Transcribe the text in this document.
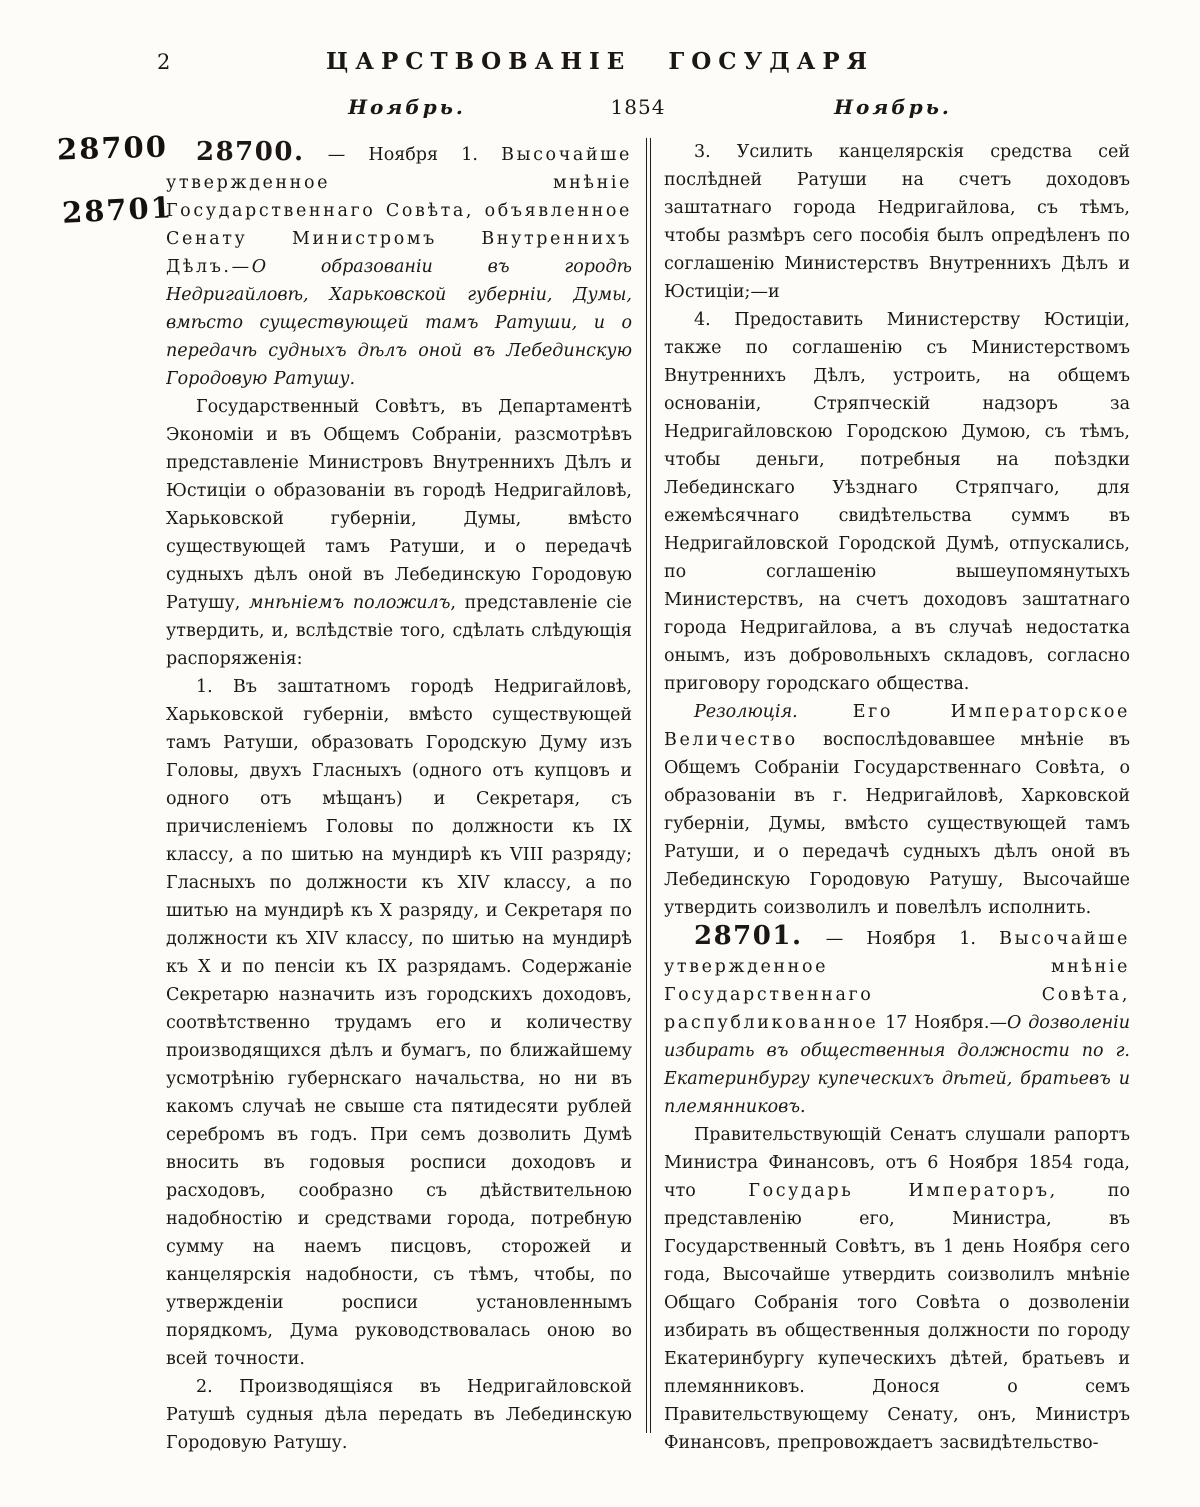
2	ЦАРСТВОВАНІЕ ГОСУДАРЯ
Ноябрь.	1854	Ноябрь.
28700
28701
28700. — Ноября 1. Высочайше утвержденное мнѣніе Государственнаго Совѣта, объявленное Сенату Министромъ Внутреннихъ Дѣлъ.—О образованіи въ городѣ Недригайловѣ, Харьковской губерніи, Думы, вмѣсто существующей тамъ Ратуши, и о передачѣ судныхъ дѣлъ оной въ Лебединскую Городовую Ратушу.
Государственный Совѣтъ, въ Департаментѣ Экономіи и въ Общемъ Собраніи, разсмотрѣвъ представленіе Министровъ Внутреннихъ Дѣлъ и Юстиціи о образованіи въ городѣ Недригайловѣ, Харьковской губерніи, Думы, вмѣсто существующей тамъ Ратуши, и о передачѣ судныхъ дѣлъ оной въ Лебединскую Городовую Ратушу, мнѣніемъ положилъ, представленіе сіе утвердить, и, вслѣдствіе того, сдѣлать слѣдующія распоряженія:
1. Въ заштатномъ городѣ Недригайловѣ, Харьковской губерніи, вмѣсто существующей тамъ Ратуши, образовать Городскую Думу изъ Головы, двухъ Гласныхъ (одного отъ купцовъ и одного отъ мѣщанъ) и Секретаря, съ причисленіемъ Головы по должности къ IX классу, а по шитью на мундирѣ къ VIII разряду; Гласныхъ по должности къ XIV классу, а по шитью на мундирѣ къ X разряду, и Секретаря по должности къ XIV классу, по шитью на мундирѣ къ X и по пенсіи къ IX разрядамъ. Содержаніе Секретарю назначить изъ городскихъ доходовъ, соотвѣтственно трудамъ его и количеству производящихся дѣлъ и бумагъ, по ближайшему усмотрѣнію губернскаго начальства, но ни въ какомъ случаѣ не свыше ста пятидесяти рублей серебромъ въ годъ. При семъ дозволить Думѣ вносить въ годовыя росписи доходовъ и расходовъ, сообразно съ дѣйствительною надобностію и средствами города, потребную сумму на наемъ писцовъ, сторожей и канцелярскія надобности, съ тѣмъ, чтобы, по утвержденіи росписи установленнымъ порядкомъ, Дума руководствовалась оною во всей точности.
2. Производящіяся въ Недригайловской Ратушѣ судныя дѣла передать въ Лебединскую Городовую Ратушу.
3. Усилить канцелярскія средства сей послѣдней Ратуши на счетъ доходовъ заштатнаго города Недригайлова, съ тѣмъ, чтобы размѣръ сего пособія былъ опредѣленъ по соглашенію Министерствъ Внутреннихъ Дѣлъ и Юстиціи;—и
4. Предоставить Министерству Юстиціи, также по соглашенію съ Министерствомъ Внутреннихъ Дѣлъ, устроить, на общемъ основаніи, Стряпческій надзоръ за Недригайловскою Городскою Думою, съ тѣмъ, чтобы деньги, потребныя на поѣздки Лебединскаго Уѣзднаго Стряпчаго, для ежемѣсячнаго свидѣтельства суммъ въ Недригайловской Городской Думѣ, отпускались, по соглашенію вышеупомянутыхъ Министерствъ, на счетъ доходовъ заштатнаго города Недригайлова, а въ случаѣ недостатка онымъ, изъ добровольныхъ складовъ, согласно приговору городскаго общества.
Резолюція.	Его Императорское Величество воспослѣдовавшее мнѣніе въ Общемъ Собраніи Государственнаго Совѣта, о образованіи въ г. Недригайловѣ, Харковской губерніи, Думы, вмѣсто существующей тамъ Ратуши, и о передачѣ судныхъ дѣлъ оной въ Лебединскую Городовую Ратушу, Высочайше утвердить соизволилъ и повелѣлъ исполнить.
28701. — Ноября 1. Высочайше утвержденное мнѣніе Государственнаго Совѣта, распубликованное 17 Ноября.—О дозволеніи избирать въ общественныя должности по г. Екатеринбургу купеческихъ дѣтей, братьевъ и племянниковъ.
Правительствующій Сенатъ слушали рапортъ Министра Финансовъ, отъ 6 Ноября 1854 года, что Государь Императоръ, по представленію его, Министра, въ Государственный Совѣтъ, въ 1 день Ноября сего года, Высочайше утвердить соизволилъ мнѣніе Общаго Собранія того Совѣта о дозволеніи избирать въ общественныя должности по городу Екатеринбургу купеческихъ дѣтей, братьевъ и племянниковъ. Донося о семъ Правительствующему Сенату, онъ, Министръ Финансовъ, препровождаетъ засвидѣтельство-
